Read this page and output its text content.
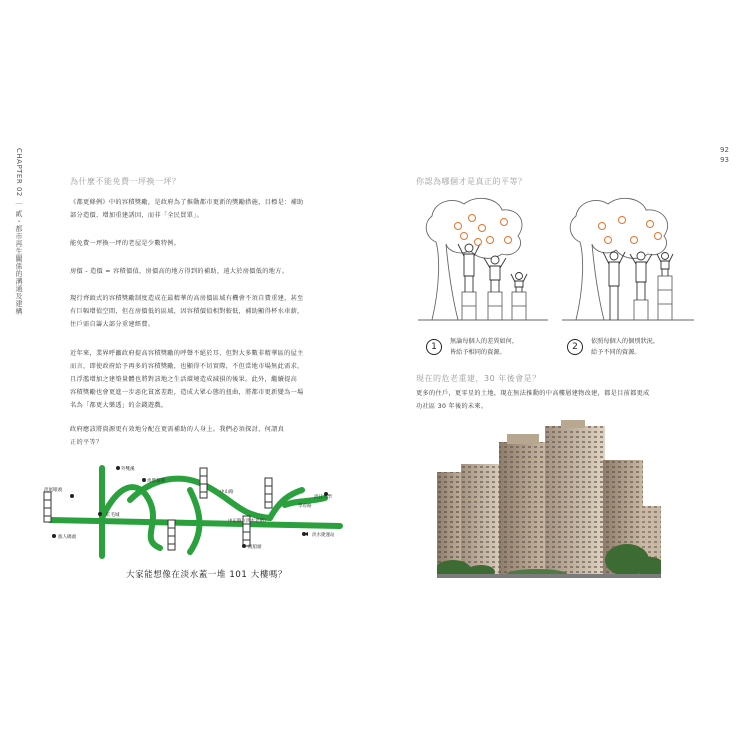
92
93
CHAPTER 02 ｜ 貳・都市再生關係的溝通及建構	為什麼不能免費一坪換一坪？
《都更條例》中的容積獎勵，是政府為了推動都市更新的獎勵措施，目標是：補助
部分造價、增加重建誘因，而非「全民買單」。
能免費一坪換一坪的老屋是少數特例。
房價 - 造價 = 容積價值，房價高的地方得到的補助，遠大於房價低的地方。
現行齊頭式的容積獎勵制度造成在最精華的高房價區域有機會不須自費重建，甚至
有巨幅增值空間，但在房價低的區域，因容積價值相對較低，補助顯得杯水車薪，
住戶需自籌大部分重建經費。
近年來，業界呼籲政府提高容積獎勵的呼聲不絕於耳，但對大多數非精華區的屋主
而言，即使政府給予再多的容積獎勵，也顯得不切實際，不但當地市場無此需求，
且浮濫增加之建築量體也將對該地之生活環境造成減損的後果。此外，繼續提高
容積獎勵也會更進一步惡化貧富差距，造成大眾心態的扭曲，將都市更新變為一場
名為「都更大樂透」的金錢遊戲。
政府應該將資源更有效地分配在更需補助的人身上。我們必須探討，何謂真
正的平等？
外雙溪
馬偕墓園
淡尾眼頭
紅毛城
中山路
中正路（淡水老街）
淡江大學
學府路
漁人碼頭
渡船頭
淡水捷運站
大家能想像在淡水蓋一堆 101 大樓嗎？
你認為哪個才是真正的平等？
1
無論每個人的差異如何，
皆給予相同的資源。
2
依照每個人的個別狀況，
給予不同的資源。
現在的危老重建，30 年後會是？
更多的住戶，更零星的土地，現在無法推動的中高樓層建物改建，都是目前都更成
功社區 30 年後的未來。
